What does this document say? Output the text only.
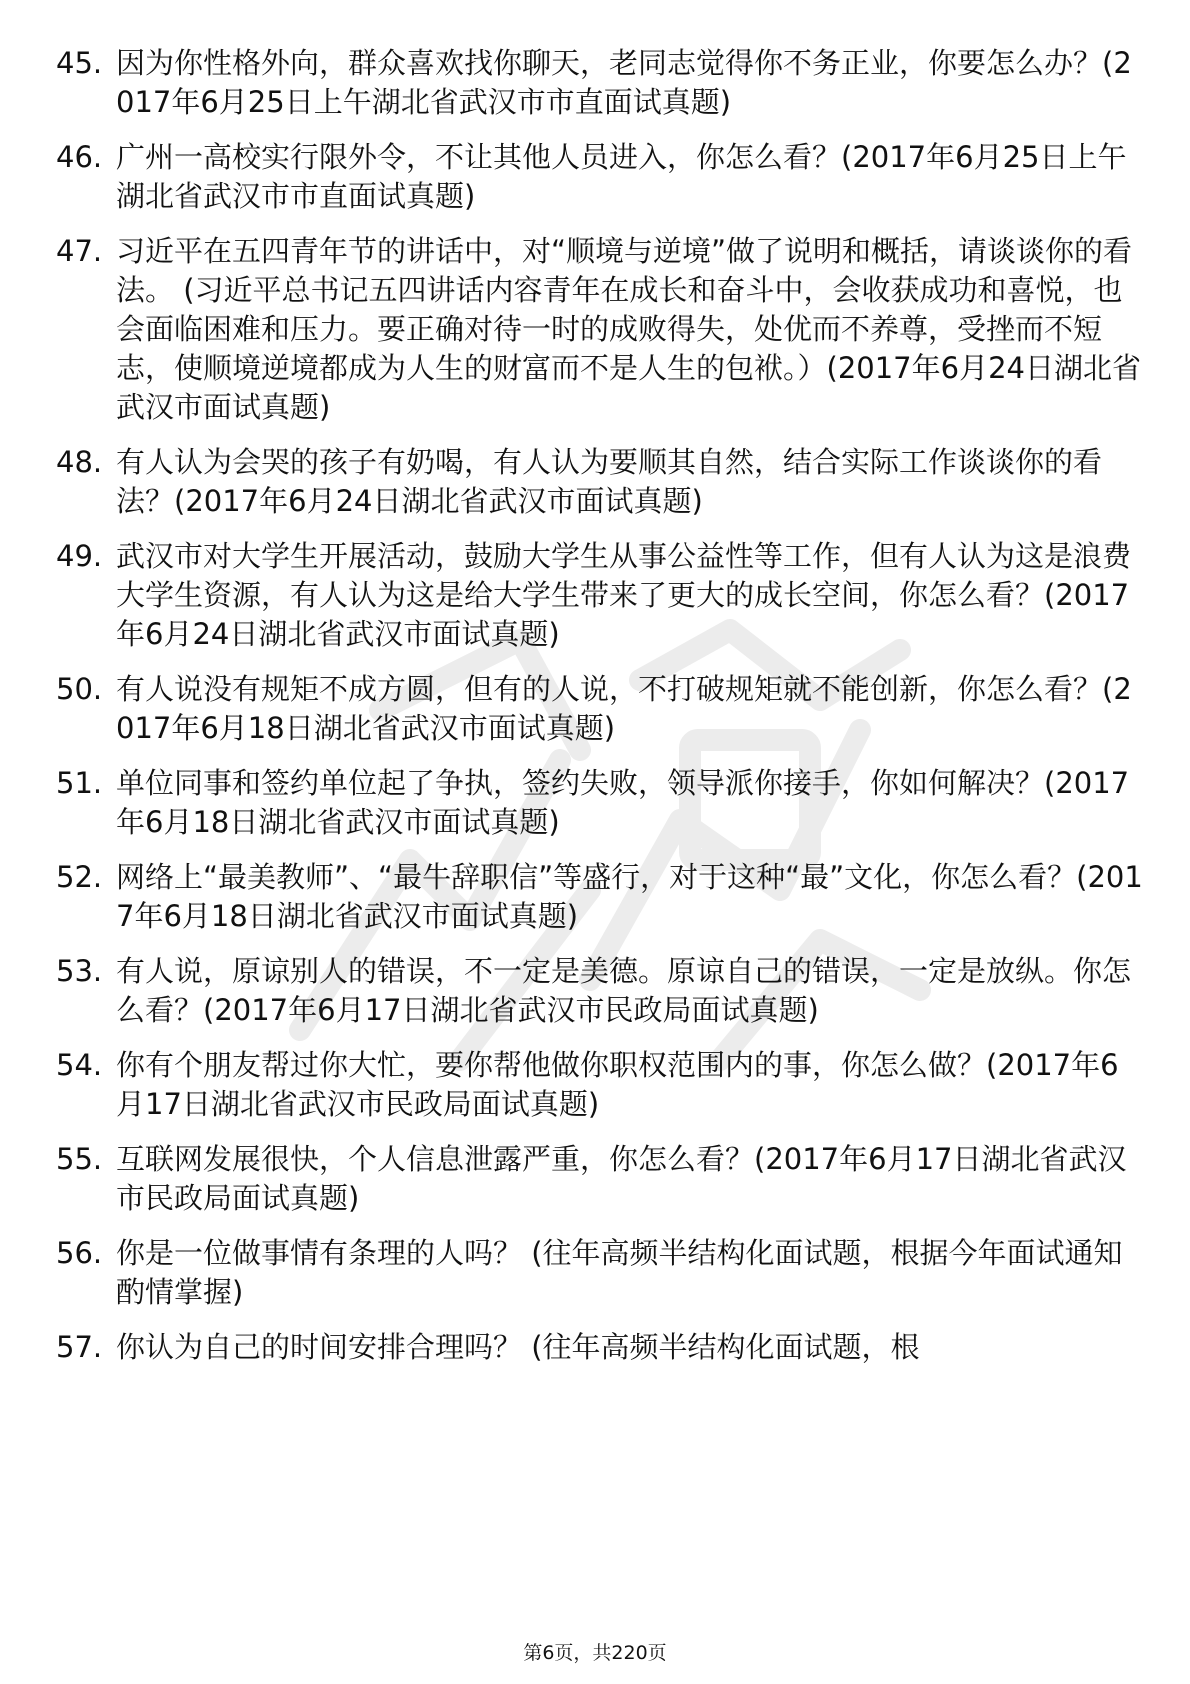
45. 因为你性格外向，群众喜欢找你聊天，老同志觉得你不务正业，你要怎么办？(2017年6月25日上午湖北省武汉市市直面试真题)
46. 广州一高校实行限外令，不让其他人员进入，你怎么看？(2017年6月25日上午湖北省武汉市市直面试真题)
47. 习近平在五四青年节的讲话中，对“顺境与逆境”做了说明和概括，请谈谈你的看法。 (习近平总书记五四讲话内容青年在成长和奋斗中，会收获成功和喜悦，也会面临困难和压力。要正确对待一时的成败得失，处优而不养尊，受挫而不短志，使顺境逆境都成为人生的财富而不是人生的包袱。）(2017年6月24日湖北省武汉市面试真题)
48. 有人认为会哭的孩子有奶喝，有人认为要顺其自然，结合实际工作谈谈你的看法？(2017年6月24日湖北省武汉市面试真题)
49. 武汉市对大学生开展活动，鼓励大学生从事公益性等工作，但有人认为这是浪费大学生资源，有人认为这是给大学生带来了更大的成长空间，你怎么看？(2017年6月24日湖北省武汉市面试真题)
50. 有人说没有规矩不成方圆，但有的人说，不打破规矩就不能创新，你怎么看？(2017年6月18日湖北省武汉市面试真题)
51. 单位同事和签约单位起了争执，签约失败，领导派你接手，你如何解决？(2017年6月18日湖北省武汉市面试真题)
52. 网络上“最美教师”、“最牛辞职信”等盛行，对于这种“最”文化，你怎么看？(2017年6月18日湖北省武汉市面试真题)
53. 有人说，原谅别人的错误，不一定是美德。原谅自己的错误，一定是放纵。你怎么看？(2017年6月17日湖北省武汉市民政局面试真题)
54. 你有个朋友帮过你大忙，要你帮他做你职权范围内的事，你怎么做？(2017年6月17日湖北省武汉市民政局面试真题)
55. 互联网发展很快，个人信息泄露严重，你怎么看？(2017年6月17日湖北省武汉市民政局面试真题)
56. 你是一位做事情有条理的人吗？ (往年高频半结构化面试题，根据今年面试通知酌情掌握)
57. 你认为自己的时间安排合理吗？ (往年高频半结构化面试题，根
第6页，共220页
